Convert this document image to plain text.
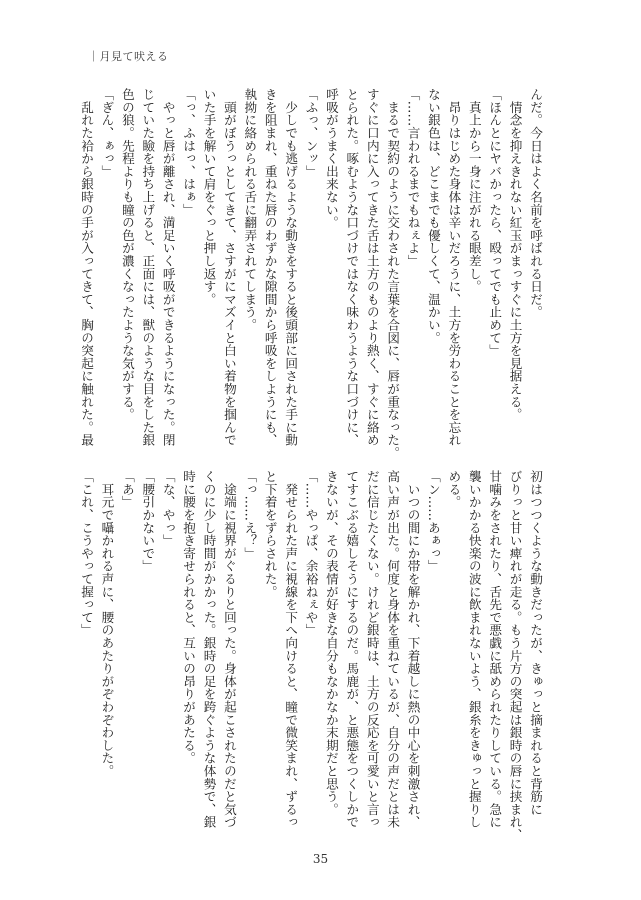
｜月見て吠える
んだ。今日はよく名前を呼ばれる日だ。
　情念を抑えきれない紅玉がまっすぐに土方を見据える。
「ほんとにヤバかったら、殴ってでも止めて」
　真上から一身に注がれる眼差し。
　昂りはじめた身体は辛いだろうに、土方を労わることを忘れ
ない銀色は、どこまでも優しくて、温かい。
「……言われるまでもねぇよ」
　まるで契約のように交わされた言葉を合図に、唇が重なった。
すぐに口内に入ってきた舌は土方のものより熱く、すぐに絡め
とられた。啄むような口づけではなく味わうような口づけに、
呼吸がうまく出来ない。
「ふっ、ンッ」
　少しでも逃げるような動きをすると後頭部に回された手に動
きを阻まれ、重ねた唇のわずかな隙間から呼吸をしようにも、
執拗に絡められる舌に翻弄されてしまう。
　頭がぼうっとしてきて、さすがにマズイと白い着物を掴んで
いた手を解いて肩をぐっと押し返す。
「っ、ふはっ、はぁ」
　やっと唇が離され、満足いく呼吸ができるようになった。閉
じていた瞼を持ち上げると、正面には、獣のような目をした銀
色の狼。先程よりも瞳の色が濃くなったような気がする。
「ぎん、ぁっ」
　乱れた袷から銀時の手が入ってきて、胸の突起に触れた。最
初はつつくような動きだったが、きゅっと摘まれると背筋に
びりっと甘い痺れが走る。もう片方の突起は銀時の唇に挟まれ、
甘噛みをされたり、舌先で悪戯に舐められたりしている。急に
襲いかかる快楽の波に飲まれないよう、銀糸をきゅっと握りし
める。
「ン……あぁっ」
　いつの間にか帯を解かれ、下着越しに熱の中心を刺激され、
高い声が出た。何度と身体を重ねているが、自分の声だとは未
だに信じたくない。けれど銀時は、土方の反応を可愛いと言っ
てすこぶる嬉しそうにするのだ。馬鹿が、と悪態をつくしかで
きないが、その表情が好きな自分もなかなか末期だと思う。
「……やっぱ、余裕ねぇや」
　発せられた声に視線を下へ向けると、瞳で微笑まれ、ずるっ
と下着をずらされた。
「っ……え？」
　途端に視界がぐるりと回った。身体が起こされたのだと気づ
くのに少し時間がかかった。銀時の足を跨ぐような体勢で、銀
時に腰を抱き寄せられると、互いの昂りがあたる。
「な、やっ」
「腰引かないで」
「あ」
　耳元で囁かれる声に、腰のあたりがぞわぞわした。
「これ、こうやって握って」
35
